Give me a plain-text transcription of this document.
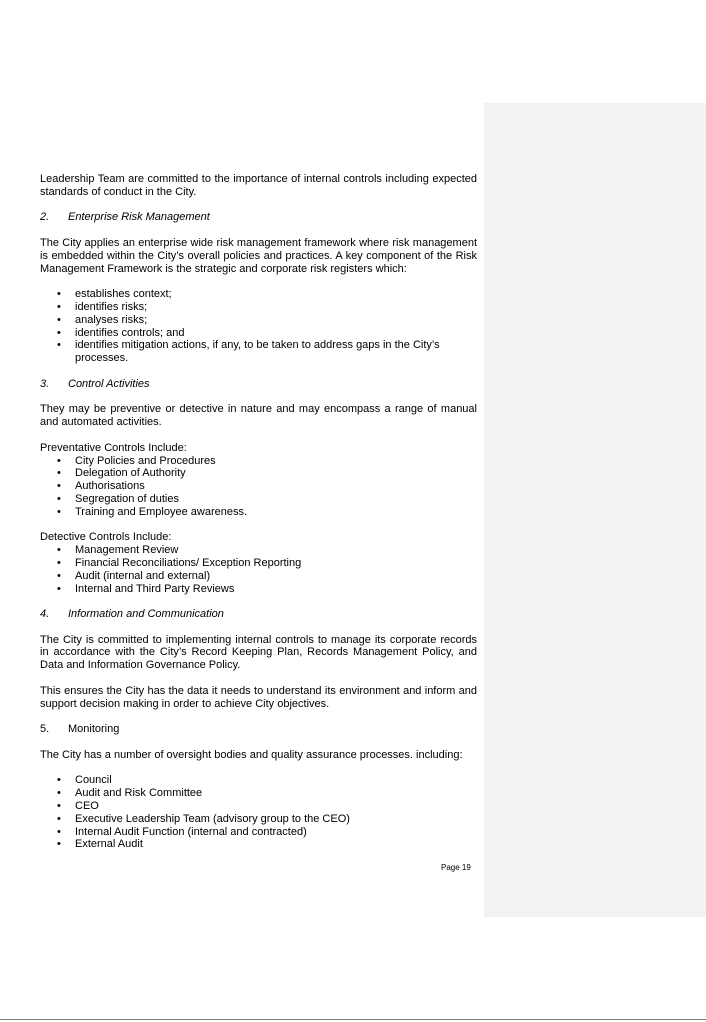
Leadership Team are committed to the importance of internal controls including expected standards of conduct in the City.

2. Enterprise Risk Management

The City applies an enterprise wide risk management framework where risk management is embedded within the City’s overall policies and practices. A key component of the Risk Management Framework is the strategic and corporate risk registers which:

• establishes context;
• identifies risks;
• analyses risks;
• identifies controls; and
• identifies mitigation actions, if any, to be taken to address gaps in the City’s processes.

3. Control Activities

They may be preventive or detective in nature and may encompass a range of manual and automated activities.

Preventative Controls Include:

• City Policies and Procedures
• Delegation of Authority
• Authorisations
• Segregation of duties
• Training and Employee awareness.

Detective Controls Include:

• Management Review
• Financial Reconciliations/ Exception Reporting
• Audit (internal and external)
• Internal and Third Party Reviews

4. Information and Communication

The City is committed to implementing internal controls to manage its corporate records in accordance with the City’s Record Keeping Plan, Records Management Policy, and Data and Information Governance Policy.

This ensures the City has the data it needs to understand its environment and inform and support decision making in order to achieve City objectives.

5. Monitoring

The City has a number of oversight bodies and quality assurance processes. including:

• Council
• Audit and Risk Committee
• CEO
• Executive Leadership Team (advisory group to the CEO)
• Internal Audit Function (internal and contracted)
• External Audit
Page 19
